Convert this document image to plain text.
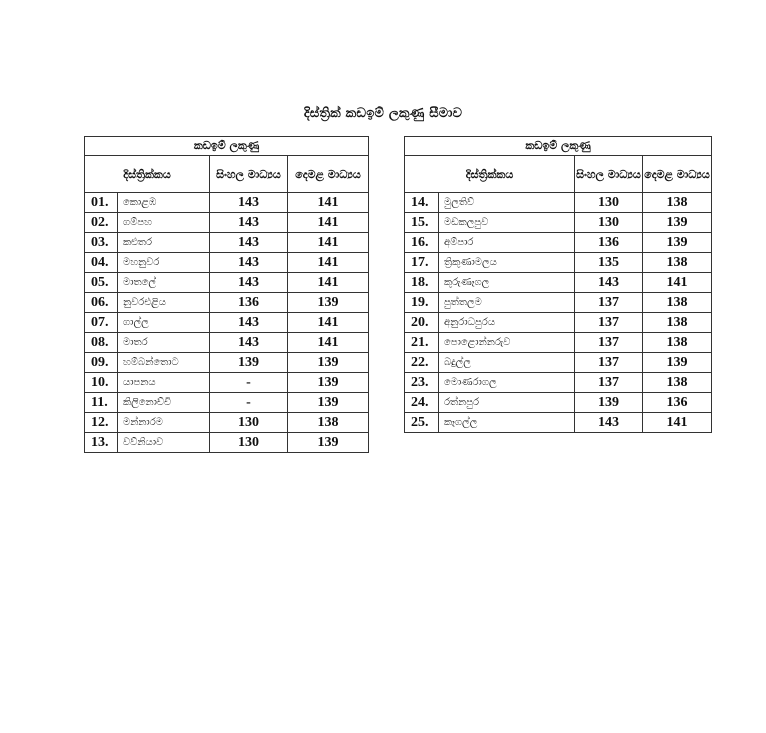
දිස්ත්‍රික් කඩඉම් ලකුණු සීමාව
කඩඉම් ලකුණු			
දිස්ත්‍රික්කය		සිංහල මාධ්‍යය	දෙමළ මාධ්‍යය
01.	කොළඹ	143	141
02.	ගම්පහ	143	141
03.	කළුතර	143	141
04.	මහනුවර	143	141
05.	මාතලේ	143	141
06.	නුවරඑළිය	136	139
07.	ගාල්ල	143	141
08.	මාතර	143	141
09.	හම්බන්තොට	139	139
10.	යාපනය	-	139
11.	කිලිනොච්චි	-	139
12.	මන්නාරම	130	138
13.	වව්නියාව	130	139
කඩඉම් ලකුණු			
දිස්ත්‍රික්කය		සිංහල මාධ්‍යය	දෙමළ මාධ්‍යය
14.	මුලතිව්	130	138
15.	මඩකලපුව	130	139
16.	අම්පාර	136	139
17.	ත්‍රිකුණාමලය	135	138
18.	කුරුණෑගල	143	141
19.	පුත්තලම	137	138
20.	අනුරාධපුරය	137	138
21.	පොළොන්නරුව	137	138
22.	බදුල්ල	137	139
23.	මොණරාගල	137	138
24.	රත්නපුර	139	136
25.	කෑගල්ල	143	141
